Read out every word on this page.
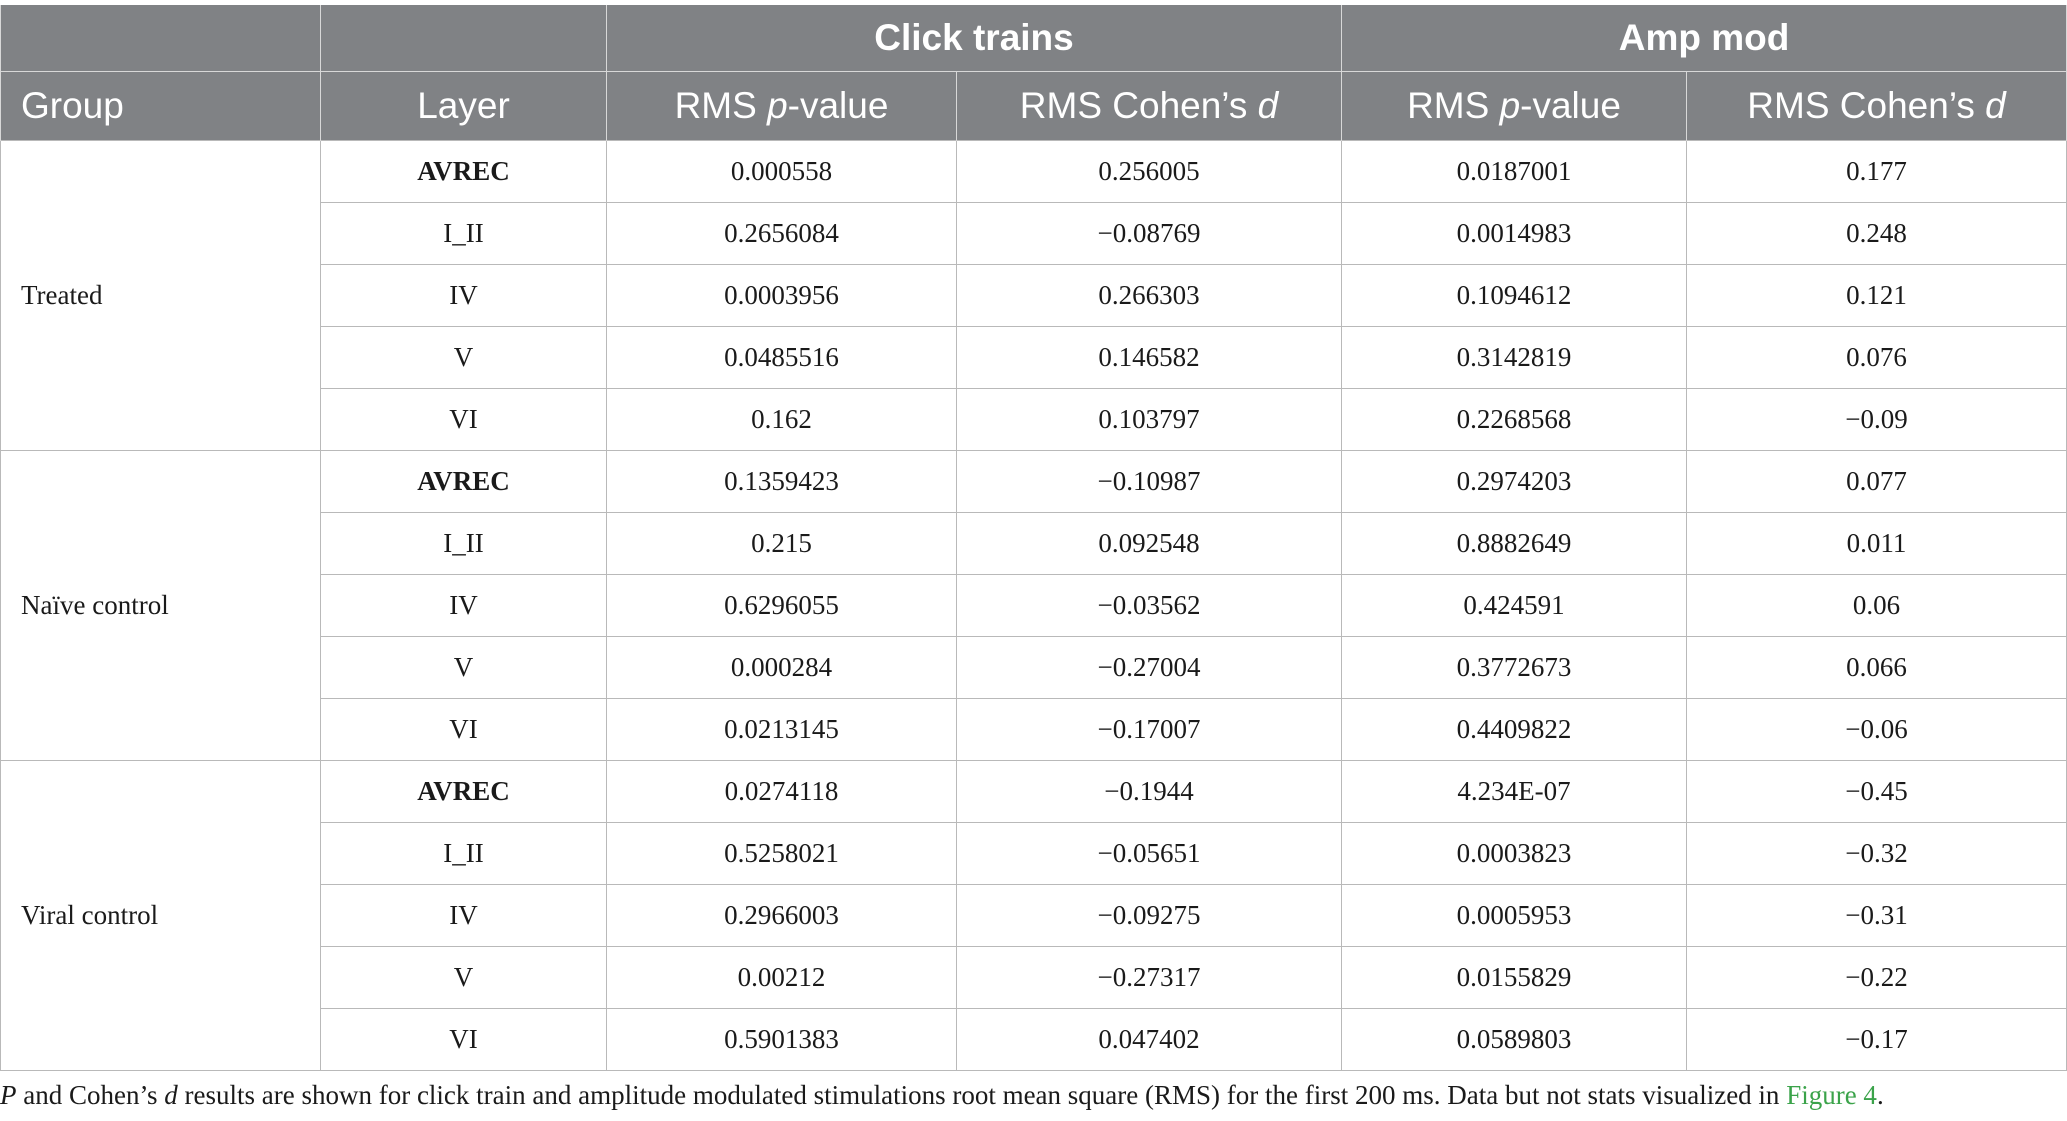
		Click trains		Amp mod	
Group	Layer	RMS p-value	RMS Cohen’s d	RMS p-value	RMS Cohen’s d
Treated	AVREC	0.000558	0.256005	0.0187001	0.177
	I_II	0.2656084	−0.08769	0.0014983	0.248
	IV	0.0003956	0.266303	0.1094612	0.121
	V	0.0485516	0.146582	0.3142819	0.076
	VI	0.162	0.103797	0.2268568	−0.09
Naïve control	AVREC	0.1359423	−0.10987	0.2974203	0.077
	I_II	0.215	0.092548	0.8882649	0.011
	IV	0.6296055	−0.03562	0.424591	0.06
	V	0.000284	−0.27004	0.3772673	0.066
	VI	0.0213145	−0.17007	0.4409822	−0.06
Viral control	AVREC	0.0274118	−0.1944	4.234E-07	−0.45
	I_II	0.5258021	−0.05651	0.0003823	−0.32
	IV	0.2966003	−0.09275	0.0005953	−0.31
	V	0.00212	−0.27317	0.0155829	−0.22
	VI	0.5901383	0.047402	0.0589803	−0.17
P and Cohen’s d results are shown for click train and amplitude modulated stimulations root mean square (RMS) for the first 200 ms. Data but not stats visualized in Figure 4.
